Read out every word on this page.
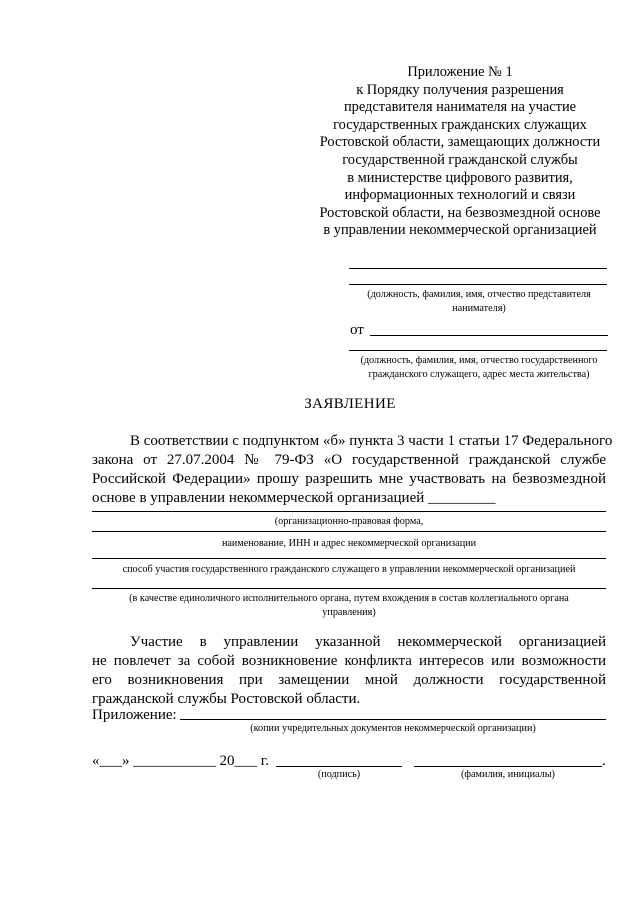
Приложение № 1
к Порядку получения разрешения
представителя нанимателя на участие
государственных гражданских служащих
Ростовской области, замещающих должности
государственной гражданской службы
в министерстве цифрового развития,
информационных технологий и связи
Ростовской области, на безвозмездной основе
в управлении некоммерческой организацией
(должность, фамилия, имя, отчество представителя
нанимателя)
от
(должность, фамилия, имя, отчество государственного
гражданского служащего, адрес места жительства)
ЗАЯВЛЕНИЕ
В соответствии с подпунктом «б» пункта 3 части 1 статьи 17 Федерального
закона от 27.07.2004 № 79-ФЗ «О государственной гражданской службе
Российской Федерации» прошу разрешить мне участвовать на безвозмездной
основе в управлении некоммерческой организацией _________
(организационно-правовая форма,
наименование, ИНН и адрес некоммерческой организации
способ участия государственного гражданского служащего в управлении некоммерческой организацией
(в качестве единоличного исполнительного органа, путем вхождения в состав коллегиального органа
управления)
Участие в управлении указанной некоммерческой организацией
не повлечет за собой возникновение конфликта интересов или возможности
его возникновения при замещении мной должности государственной
гражданской службы Ростовской области.
Приложение:
(копии учредительных документов некоммерческой организации)
«___» ___________ 20___ г.
(подпись)
.
(фамилия, инициалы)
